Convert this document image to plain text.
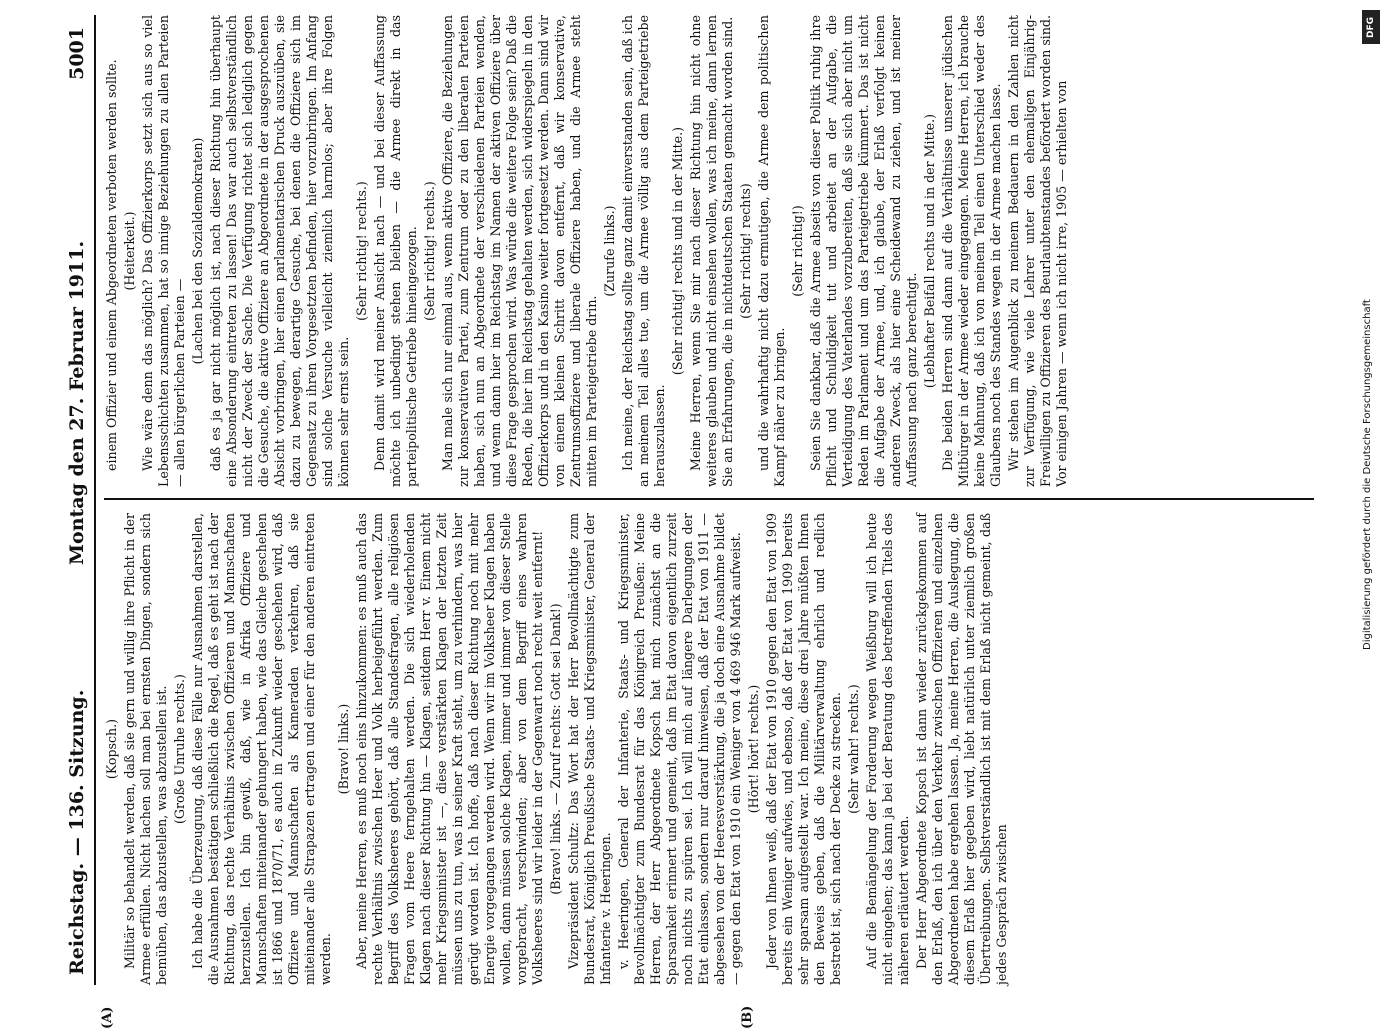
Reichstag. — 136. Sitzung.
Montag den 27. Februar 1911.
5001
(A)	(B)

(Kopsch.) Militär so behandelt werden, daß sie gern und willig ihre Pflicht in der Armee erfüllen. Nicht lachen soll man bei ernsten Dingen, sondern sich bemühen, das abzustellen, was abzustellen ist. (Große Unruhe rechts.) Ich habe die Überzeugung, daß diese Fälle nur Ausnahmen darstellen, die Ausnahmen bestätigen schließlich die Regel, daß es geht ist nach der Richtung, das rechte Verhältnis zwischen Offizieren und Mannschaften herzustellen. Ich bin gewiß, daß, wie in Afrika Offiziere und Mannschaften miteinander gehungert haben, wie das Gleiche geschehen ist 1866 und 1870/71, es auch in Zukunft wieder geschehen wird, daß Offiziere und Mannschaften als Kameraden verkehren, daß sie miteinander alle Strapazen ertragen und einer für den anderen eintreten werden.

(Bravo! links.) Aber, meine Herren, es muß noch eins hinzukommen: es muß auch das rechte Verhältnis zwischen Heer und Volk herbeigeführt werden. Zum Begriff des Volksheeres gehört, daß alle Standesfragen, alle religiösen Fragen vom Heere ferngehalten werden. Die sich wiederholenden Klagen nach dieser Richtung hin — Klagen, seitdem Herr v. Einem nicht mehr Kriegsminister ist —, diese verstärkten Klagen der letzten Zeit müssen uns zu tun, was in seiner Kraft steht, um zu verhindern, was hier gerügt worden ist. Ich hoffe, daß nach dieser Richtung noch mit mehr Energie vorgegangen werden wird. Wenn wir im Volksheer Klagen haben wollen, dann müssen solche Klagen, immer und immer von dieser Stelle vorgebracht, verschwinden; aber von dem Begriff eines wahren Volksheeres sind wir leider in der Gegenwart noch recht weit entfernt! (Bravo! links. — Zuruf rechts: Gott sei Dank!) Vizepräsident Schultz: Das Wort hat der Herr Bevollmächtigte zum Bundesrat, Königlich Preußische Staats- und Kriegsminister, General der Infanterie v. Heeringen. v. Heeringen, General der Infanterie, Staats- und Kriegsminister, Bevollmächtigter zum Bundesrat für das Königreich Preußen: Meine Herren, der Herr Abgeordnete Kopsch hat mich zunächst an die Sparsamkeit erinnert und gemeint, daß im Etat davon eigentlich zurzeit noch nichts zu spüren sei. Ich will mich auf längere Darlegungen der Etat einlassen, sondern nur darauf hinweisen, daß der Etat von 1911 — abgesehen von der Heeresverstärkung, die ja doch eine Ausnahme bildet — gegen den Etat von 1910 ein Weniger von 4 469 946 Mark aufweist. (Hört! hört! rechts.) Jeder von Ihnen weiß, daß der Etat von 1910 gegen den Etat von 1909 bereits ein Weniger aufwies, und ebenso, daß der Etat von 1909 bereits sehr sparsam aufgestellt war. Ich meine, diese drei Jahre müßten Ihnen den Beweis geben, daß die Militärverwaltung ehrlich und redlich bestrebt ist, sich nach der Decke zu strecken. (Sehr wahr! rechts.) Auf die Bemängelung der Forderung wegen Weißburg will ich heute nicht eingehen; das kann ja bei der Beratung des betreffenden Titels des näheren erläutert werden. Der Herr Abgeordnete Kopsch ist dann wieder zurückgekommen auf den Erlaß, den ich über den Verkehr zwischen Offizieren und einzelnen Abgeordneten habe ergehen lassen. Ja, meine Herren, die Auslegung, die diesem Erlaß hier gegeben wird, liebt natürlich unter ziemlich großen Übertreibungen. Selbstverständlich ist mit dem Erlaß nicht gemeint, daß jedes Gespräch zwischen

einem Offizier und einem Abgeordneten verboten werden sollte. (Heiterkeit.) Wie wäre denn das möglich? Das Offizierkorps setzt sich aus so viel Lebensschichten zusammen, hat so innige Beziehungen zu allen Parteien — allen bürgerlichen Parteien —

(Lachen bei den Sozialdemokraten) daß es ja gar nicht möglich ist, nach dieser Richtung hin überhaupt eine Absonderung eintreten zu lassen! Das war auch selbstverständlich nicht der Zweck der Sache. Die Verfügung richtet sich lediglich gegen die Gesuche, die aktive Offiziere an Abgeordnete in der ausgesprochenen Absicht vorbringen, hier einen parlamentarischen Druck auszuüben, sie dazu zu bewegen, derartige Gesuche, bei denen die Offiziere sich im Gegensatz zu ihren Vorgesetzten befinden, hier vorzubringen. Im Anfang sind solche Versuche vielleicht ziemlich harmlos; aber ihre Folgen können sehr ernst sein.

(Sehr richtig! rechts.) Denn damit wird meiner Ansicht nach — und bei dieser Auffassung möchte ich unbedingt stehen bleiben — die Armee direkt in das parteipolitische Getriebe hineingezogen. (Sehr richtig! rechts.) Man male sich nur einmal aus, wenn aktive Offiziere, die Beziehungen zur konservativen Partei, zum Zentrum oder zu den liberalen Parteien haben, sich nun an Abgeordnete der verschiedenen Parteien wenden, und wenn dann hier im Reichstag im Namen der aktiven Offiziere über diese Frage gesprochen wird. Was würde die weitere Folge sein? Daß die Reden, die hier im Reichstag gehalten werden, sich widerspiegeln in den Offizierkorps und in den Kasino weiter fortgesetzt werden. Dann sind wir von einem kleinen Schritt davon entfernt, daß wir konservative, Zentrumsoffiziere und liberale Offiziere haben, und die Armee steht mitten im Parteigetriebe drin.

(Zurufe links.) Ich meine, der Reichstag sollte ganz damit einverstanden sein, daß ich an meinem Teil alles tue, um die Armee völlig aus dem Parteigetriebe herauszulassen.

(Sehr richtig! rechts und in der Mitte.) Meine Herren, wenn Sie mir nach dieser Richtung hin nicht ohne weiteres glauben und nicht einsehen wollen, was ich meine, dann lernen Sie an Erfahrungen, die in nichtdeutschen Staaten gemacht worden sind. (Sehr richtig! rechts) und die wahrhaftig nicht dazu ermutigen, die Armee dem politischen Kampf näher zu bringen.

(Sehr richtig!) Seien Sie dankbar, daß die Armee abseits von dieser Politik ruhig ihre Pflicht und Schuldigkeit tut und arbeitet an der Aufgabe, die Verteidigung des Vaterlandes vorzubereiten, daß sie sich aber nicht um Reden im Parlament und um das Parteigetriebe kümmert. Das ist nicht die Aufgabe der Armee, und, ich glaube, der Erlaß verfolgt keinen anderen Zweck, als hier eine Scheidewand zu ziehen, und ist meiner Auffassung nach ganz berechtigt. (Lebhafter Beifall rechts und in der Mitte.) Die beiden Herren sind dann auf die Verhältnisse unserer jüdischen Mitbürger in der Armee wieder eingegangen. Meine Herren, ich brauche keine Mahnung, daß ich von meinem Teil einen Unterschied weder des Glaubens noch des Standes wegen in der Armee machen lasse. Wir stehen im Augenblick zu meinem Bedauern in den Zahlen nicht zur Verfügung, wie viele Lehrer unter den ehemaligen Einjährig-Freiwilligen zu Offizieren des Beurlaubtenstandes befördert worden sind. Vor einigen Jahren — wenn ich nicht irre, 1905 — erhielten von

DFG
Digitalisierung gefördert durch die Deutsche Forschungsgemeinschaft
